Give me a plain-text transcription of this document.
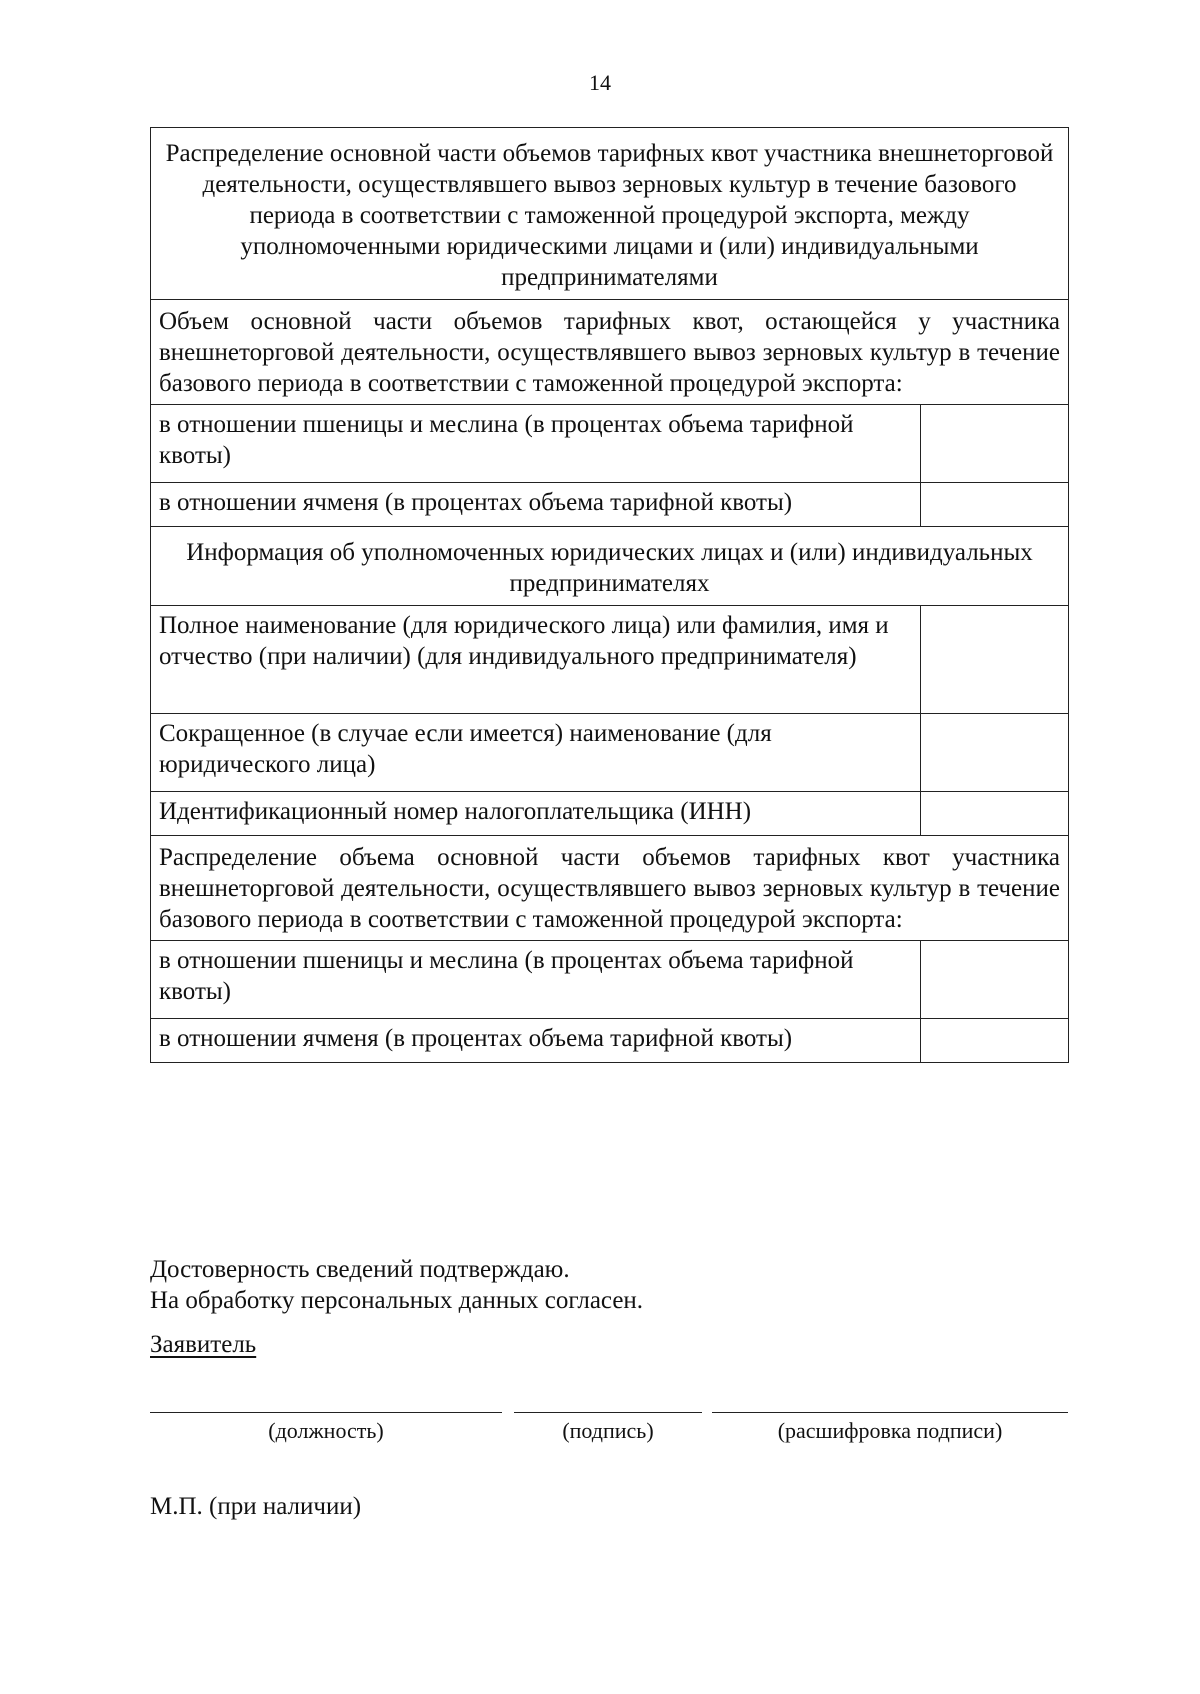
14
Распределение основной части объемов тарифных квот участника внешнеторговой деятельности, осуществлявшего вывоз зерновых культур в течение базового периода в соответствии с таможенной процедурой экспорта, между уполномоченными юридическими лицами и (или) индивидуальными предпринимателями	
Объем основной части объемов тарифных квот, остающейся у участника внешнеторговой деятельности, осуществлявшего вывоз зерновых культур в течение базового периода в соответствии с таможенной процедурой экспорта:	
в отношении пшеницы и меслина (в процентах объема тарифной квоты)	
в отношении ячменя (в процентах объема тарифной квоты)	
Информация об уполномоченных юридических лицах и (или) индивидуальных предпринимателях	
Полное наименование (для юридического лица) или фамилия, имя и отчество (при наличии) (для индивидуального предпринимателя)	
Сокращенное (в случае если имеется) наименование (для юридического лица)	
Идентификационный номер налогоплательщика (ИНН)	
Распределение объема основной части объемов тарифных квот участника внешнеторговой деятельности, осуществлявшего вывоз зерновых культур в течение базового периода в соответствии с таможенной процедурой экспорта:	
в отношении пшеницы и меслина (в процентах объема тарифной квоты)	
в отношении ячменя (в процентах объема тарифной квоты)	
Достоверность сведений подтверждаю.
На обработку персональных данных согласен.
Заявитель
(должность)	(подпись)	(расшифровка подписи)
М.П. (при наличии)
